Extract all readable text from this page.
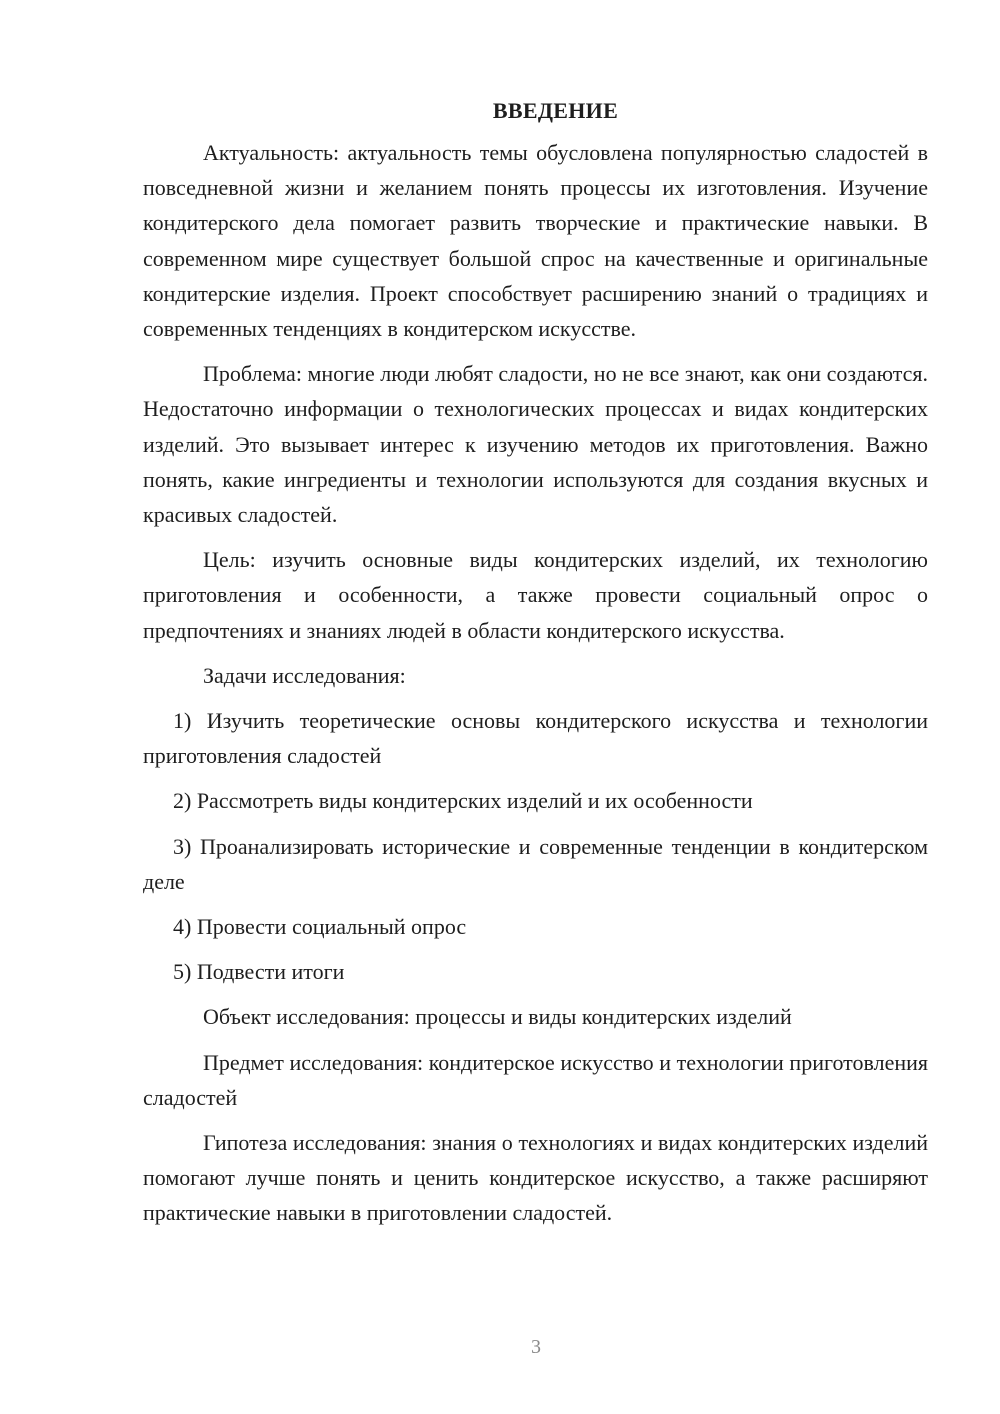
ВВЕДЕНИЕ

Актуальность: актуальность темы обусловлена популярностью сладостей в повседневной жизни и желанием понять процессы их изготовления. Изучение кондитерского дела помогает развить творческие и практические навыки. В современном мире существует большой спрос на качественные и оригинальные кондитерские изделия. Проект способствует расширению знаний о традициях и современных тенденциях в кондитерском искусстве.

Проблема: многие люди любят сладости, но не все знают, как они создаются. Недостаточно информации о технологических процессах и видах кондитерских изделий. Это вызывает интерес к изучению методов их приготовления. Важно понять, какие ингредиенты и технологии используются для создания вкусных и красивых сладостей.

Цель: изучить основные виды кондитерских изделий, их технологию приготовления и особенности, а также провести социальный опрос о предпочтениях и знаниях людей в области кондитерского искусства.

Задачи исследования:

1) Изучить теоретические основы кондитерского искусства и технологии приготовления сладостей

2) Рассмотреть виды кондитерских изделий и их особенности

3) Проанализировать исторические и современные тенденции в кондитерском деле

4) Провести социальный опрос

5) Подвести итоги

Объект исследования: процессы и виды кондитерских изделий

Предмет исследования: кондитерское искусство и технологии приготовления сладостей

Гипотеза исследования: знания о технологиях и видах кондитерских изделий помогают лучше понять и ценить кондитерское искусство, а также расширяют практические навыки в приготовлении сладостей.

3
